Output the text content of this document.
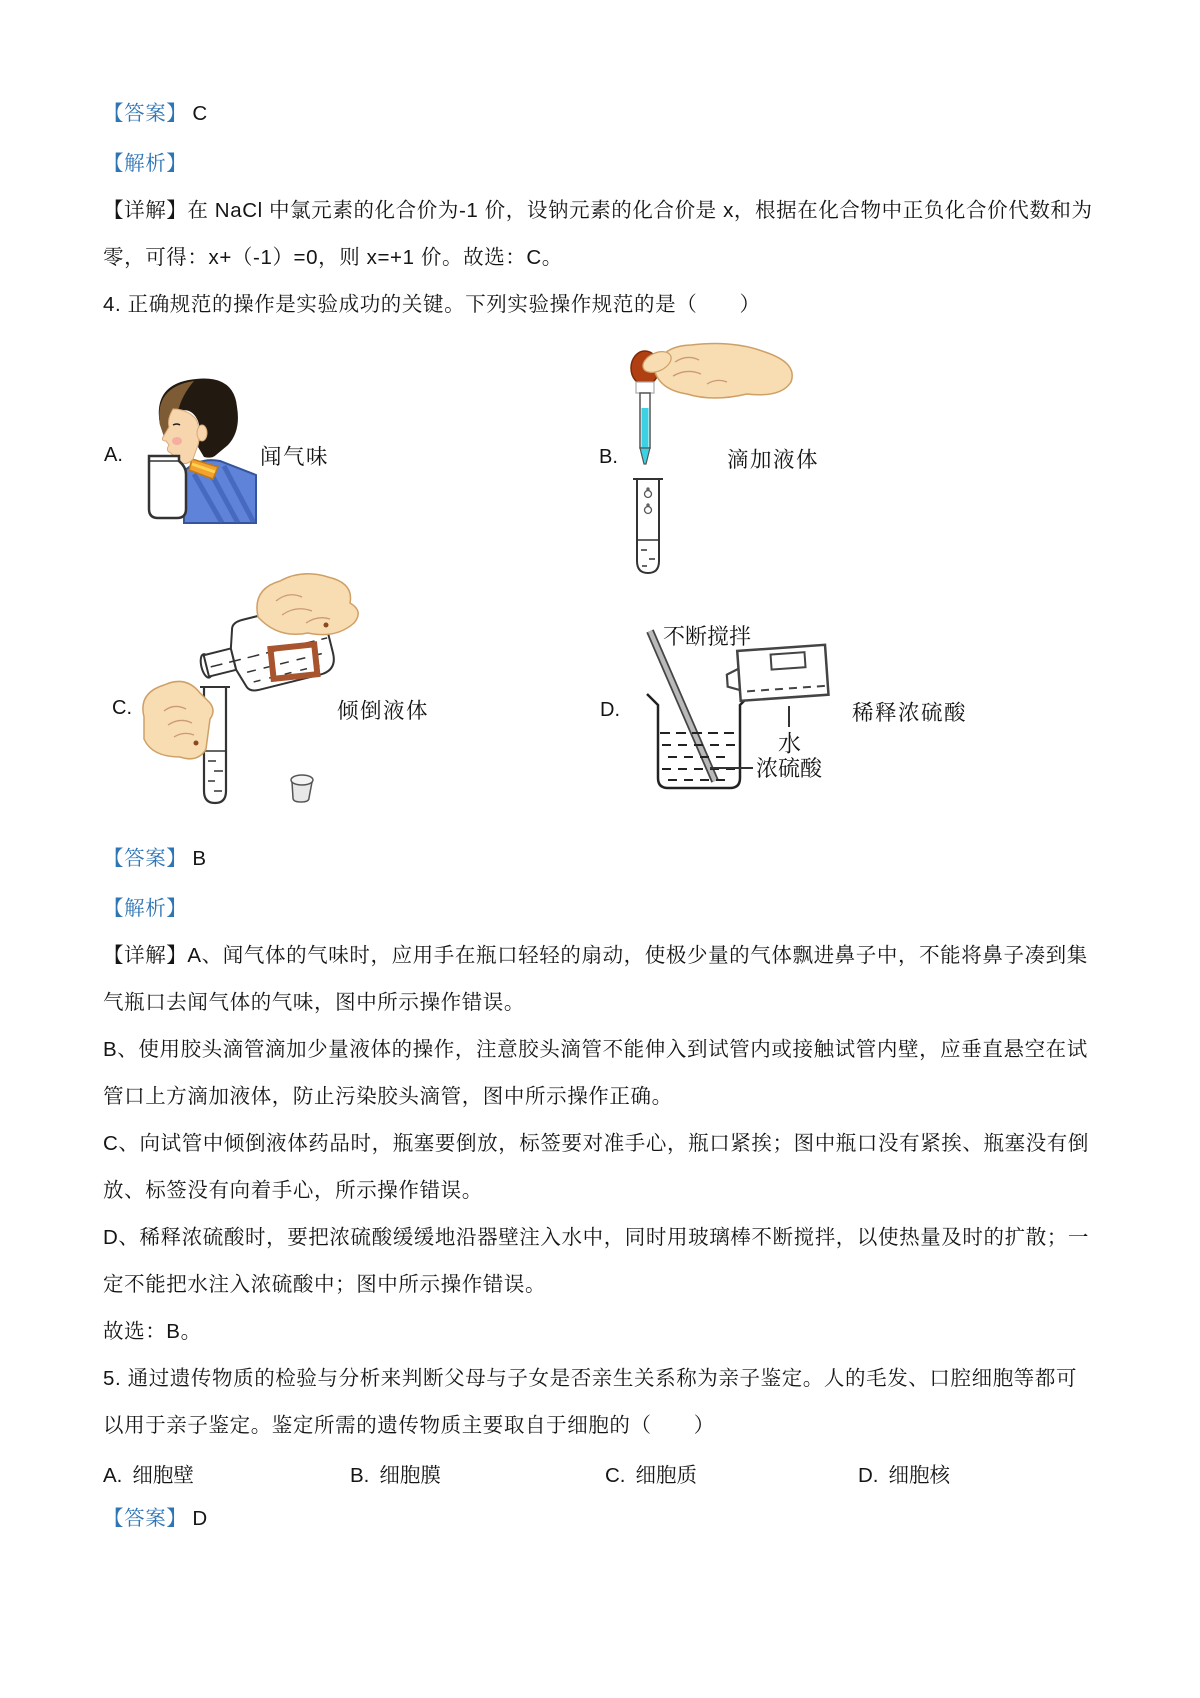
【答案】 C
【解析】
【详解】在 NaCl 中氯元素的化合价为-1 价，设钠元素的化合价是 x，根据在化合物中正负化合价代数和为
零，可得：x+（-1）=0，则 x=+1 价。故选：C。
4. 正确规范的操作是实验成功的关键。下列实验操作规范的是（　　）
A.	闻气味	B.	滴加液体
C.	倾倒液体	D.
不断搅拌
水
浓硫酸
稀释浓硫酸
【答案】 B
【解析】
【详解】A、闻气体的气味时，应用手在瓶口轻轻的扇动，使极少量的气体飘进鼻子中，不能将鼻子凑到集
气瓶口去闻气体的气味，图中所示操作错误。
B、使用胶头滴管滴加少量液体的操作，注意胶头滴管不能伸入到试管内或接触试管内壁，应垂直悬空在试
管口上方滴加液体，防止污染胶头滴管，图中所示操作正确。
C、向试管中倾倒液体药品时，瓶塞要倒放，标签要对准手心，瓶口紧挨；图中瓶口没有紧挨、瓶塞没有倒
放、标签没有向着手心，所示操作错误。
D、稀释浓硫酸时，要把浓硫酸缓缓地沿器壁注入水中，同时用玻璃棒不断搅拌，以使热量及时的扩散；一
定不能把水注入浓硫酸中；图中所示操作错误。
故选：B。
5. 通过遗传物质的检验与分析来判断父母与子女是否亲生关系称为亲子鉴定。人的毛发、口腔细胞等都可
以用于亲子鉴定。鉴定所需的遗传物质主要取自于细胞的（　　）
A. 细胞壁	B. 细胞膜	C. 细胞质	D. 细胞核
【答案】 D
